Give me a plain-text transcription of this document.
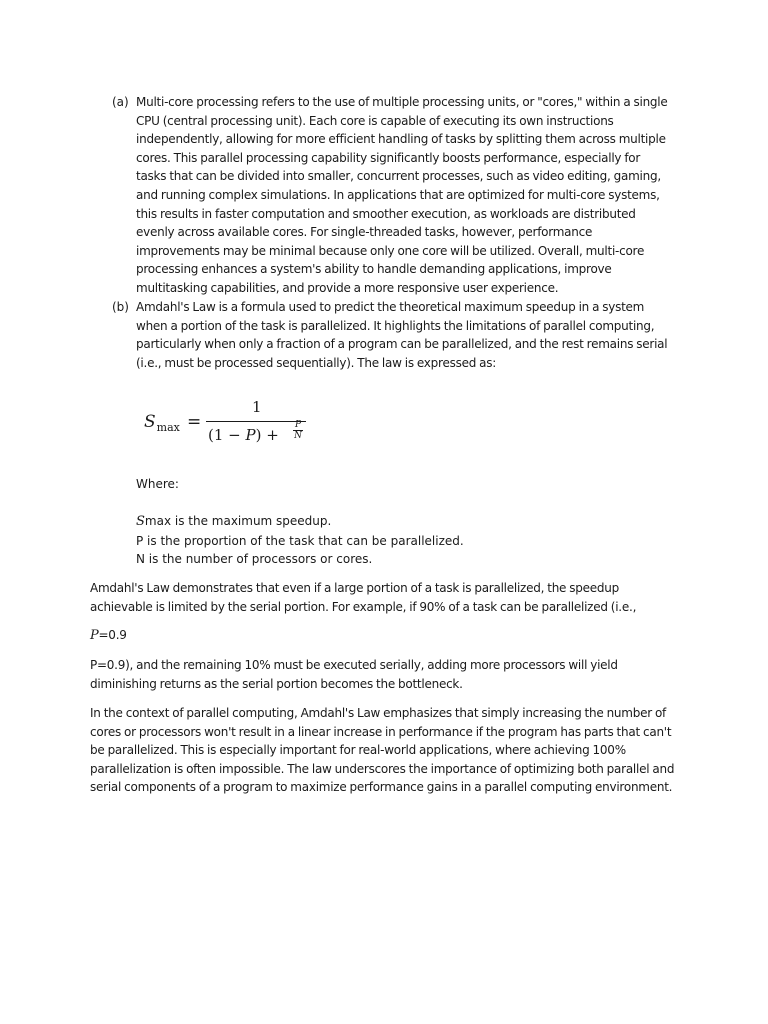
(a) Multi-core processing refers to the use of multiple processing units, or "cores," within a single CPU (central processing unit). Each core is capable of executing its own instructions independently, allowing for more efficient handling of tasks by splitting them across multiple cores. This parallel processing capability significantly boosts performance, especially for tasks that can be divided into smaller, concurrent processes, such as video editing, gaming, and running complex simulations. In applications that are optimized for multi-core systems, this results in faster computation and smoother execution, as workloads are distributed evenly across available cores. For single-threaded tasks, however, performance improvements may be minimal because only one core will be utilized. Overall, multi-core processing enhances a system's ability to handle demanding applications, improve multitasking capabilities, and provide a more responsive user experience.
(b) Amdahl's Law is a formula used to predict the theoretical maximum speedup in a system when a portion of the task is parallelized. It highlights the limitations of parallel computing, particularly when only a fraction of a program can be parallelized, and the rest remains serial (i.e., must be processed sequentially). The law is expressed as:
$S_{max}$ =
1
(1 − P) +
P
N
Where:
Smax is the maximum speedup.
P is the proportion of the task that can be parallelized.
N is the number of processors or cores.
Amdahl's Law demonstrates that even if a large portion of a task is parallelized, the speedup achievable is limited by the serial portion. For example, if 90% of a task can be parallelized (i.e.,
P=0.9
P=0.9), and the remaining 10% must be executed serially, adding more processors will yield diminishing returns as the serial portion becomes the bottleneck.
In the context of parallel computing, Amdahl's Law emphasizes that simply increasing the number of cores or processors won't result in a linear increase in performance if the program has parts that can't be parallelized. This is especially important for real-world applications, where achieving 100% parallelization is often impossible. The law underscores the importance of optimizing both parallel and serial components of a program to maximize performance gains in a parallel computing environment.
